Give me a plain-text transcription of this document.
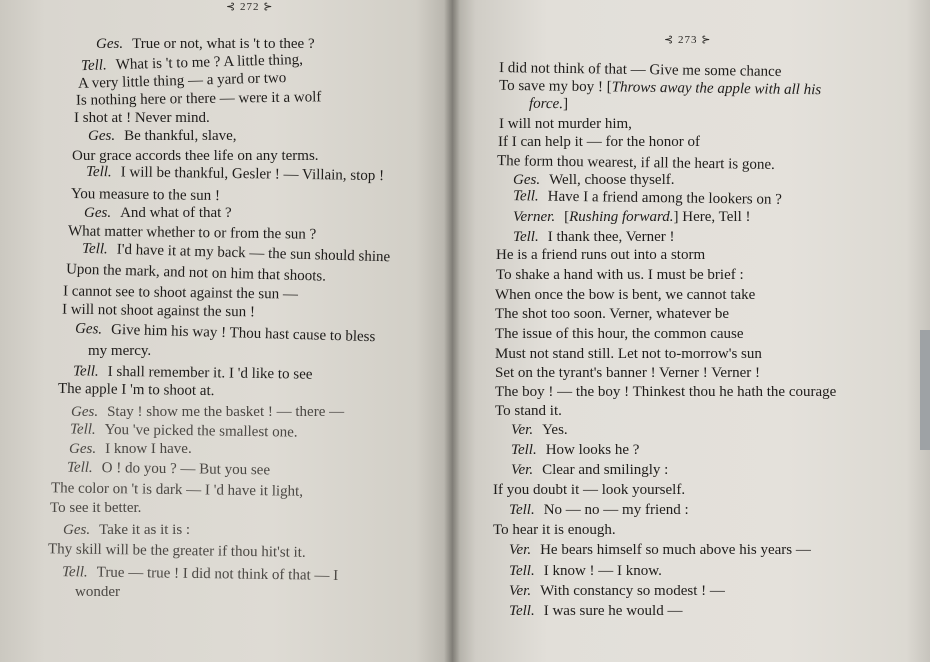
⊰ 272 ⊱
Ges. True or not, what is 't to thee ?
Tell. What is 't to me ? A little thing,
A very little thing — a yard or two
Is nothing here or there — were it a wolf
I shot at ! Never mind.
Ges. Be thankful, slave,
Our grace accords thee life on any terms.
Tell. I will be thankful, Gesler ! — Villain, stop !
You measure to the sun !
Ges. And what of that ?
What matter whether to or from the sun ?
Tell. I'd have it at my back — the sun should shine
Upon the mark, and not on him that shoots.
I cannot see to shoot against the sun —
I will not shoot against the sun !
Ges. Give him his way ! Thou hast cause to bless
my mercy.
Tell. I shall remember it. I 'd like to see
The apple I 'm to shoot at.
Ges. Stay ! show me the basket ! — there —
Tell. You 've picked the smallest one.
Ges. I know I have.
Tell. O ! do you ? — But you see
The color on 't is dark — I 'd have it light,
To see it better.
Ges. Take it as it is :
Thy skill will be the greater if thou hit'st it.
Tell. True — true ! I did not think of that — I
wonder
⊰ 273 ⊱
I did not think of that — Give me some chance
To save my boy ! [Throws away the apple with all his
force.]
I will not murder him,
If I can help it — for the honor of
The form thou wearest, if all the heart is gone.
Ges. Well, choose thyself.
Tell. Have I a friend among the lookers on ?
Verner. [Rushing forward.] Here, Tell !
Tell. I thank thee, Verner !
He is a friend runs out into a storm
To shake a hand with us. I must be brief :
When once the bow is bent, we cannot take
The shot too soon. Verner, whatever be
The issue of this hour, the common cause
Must not stand still. Let not to-morrow's sun
Set on the tyrant's banner ! Verner ! Verner !
The boy ! — the boy ! Thinkest thou he hath the courage
To stand it.
Ver. Yes.
Tell. How looks he ?
Ver. Clear and smilingly :
If you doubt it — look yourself.
Tell. No — no — my friend :
To hear it is enough.
Ver. He bears himself so much above his years —
Tell. I know ! — I know.
Ver. With constancy so modest ! —
Tell. I was sure he would —
